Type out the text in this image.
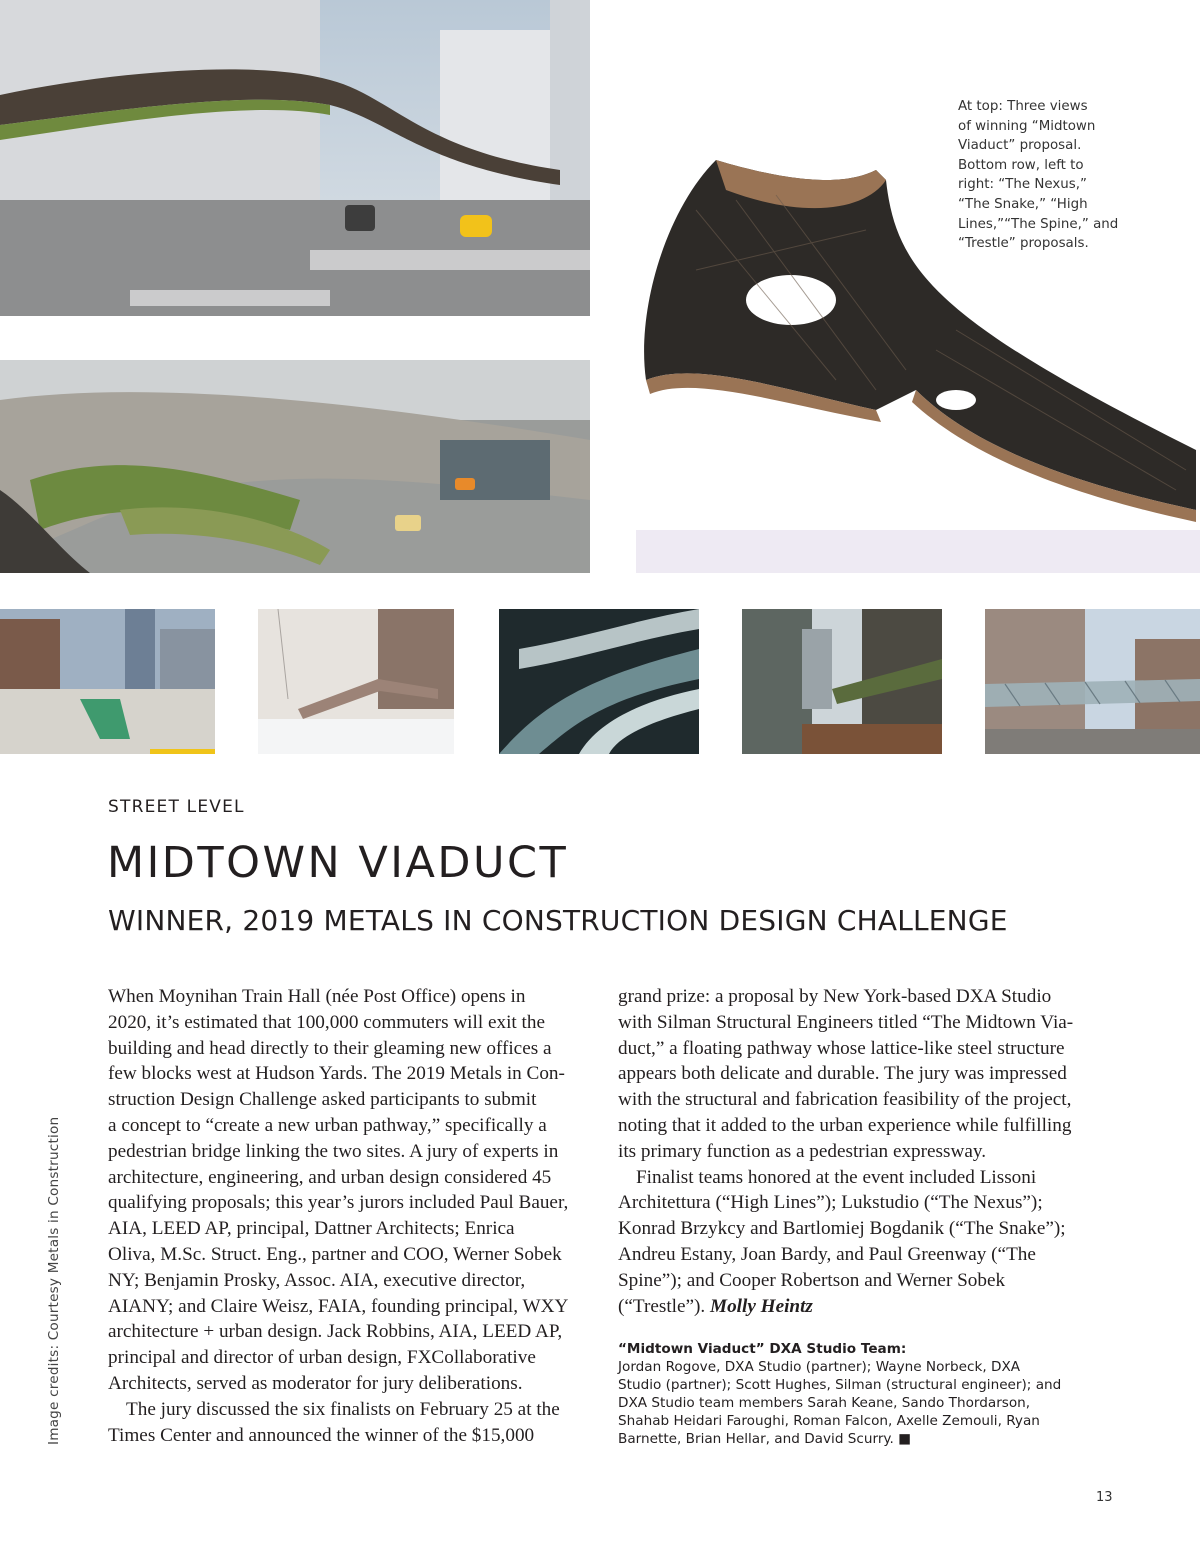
At top: Three views
of winning “Midtown
Viaduct” proposal.
Bottom row, left to
right: “The Nexus,”
“The Snake,” “High
Lines,”“The Spine,” and
“Trestle” proposals.
Image credits: Courtesy Metals in Construction
STREET LEVEL
MIDTOWN VIADUCT
WINNER, 2019 METALS IN CONSTRUCTION DESIGN CHALLENGE

When Moynihan Train Hall (née Post Office) opens in
2020, it’s estimated that 100,000 commuters will exit the
building and head directly to their gleaming new offices a
few blocks west at Hudson Yards. The 2019 Metals in Con-
struction Design Challenge asked participants to submit
a concept to “create a new urban pathway,” specifically a
pedestrian bridge linking the two sites. A jury of experts in
architecture, engineering, and urban design considered 45
qualifying proposals; this year’s jurors included Paul Bauer,
AIA, LEED AP, principal, Dattner Architects; Enrica
Oliva, M.Sc. Struct. Eng., partner and COO, Werner Sobek
NY; Benjamin Prosky, Assoc. AIA, executive director,
AIANY; and Claire Weisz, FAIA, founding principal, WXY
architecture + urban design. Jack Robbins, AIA, LEED AP,
principal and director of urban design, FXCollaborative
Architects, served as moderator for jury deliberations.

The jury discussed the six finalists on February 25 at the
Times Center and announced the winner of the $15,000

grand prize: a proposal by New York-based DXA Studio
with Silman Structural Engineers titled “The Midtown Via-
duct,” a floating pathway whose lattice-like steel structure
appears both delicate and durable. The jury was impressed
with the structural and fabrication feasibility of the project,
noting that it added to the urban experience while fulfilling
its primary function as a pedestrian expressway.

Finalist teams honored at the event included Lissoni
Architettura (“High Lines”); Lukstudio (“The Nexus”);
Konrad Brzykcy and Bartlomiej Bogdanik (“The Snake”);
Andreu Estany, Joan Bardy, and Paul Greenway (“The
Spine”); and Cooper Robertson and Werner Sobek
(“Trestle”). Molly Heintz

“Midtown Viaduct” DXA Studio Team:
Jordan Rogove, DXA Studio (partner); Wayne Norbeck, DXA
Studio (partner); Scott Hughes, Silman (structural engineer); and
DXA Studio team members Sarah Keane, Sando Thordarson,
Shahab Heidari Faroughi, Roman Falcon, Axelle Zemouli, Ryan
Barnette, Brian Hellar, and David Scurry. ■
13
